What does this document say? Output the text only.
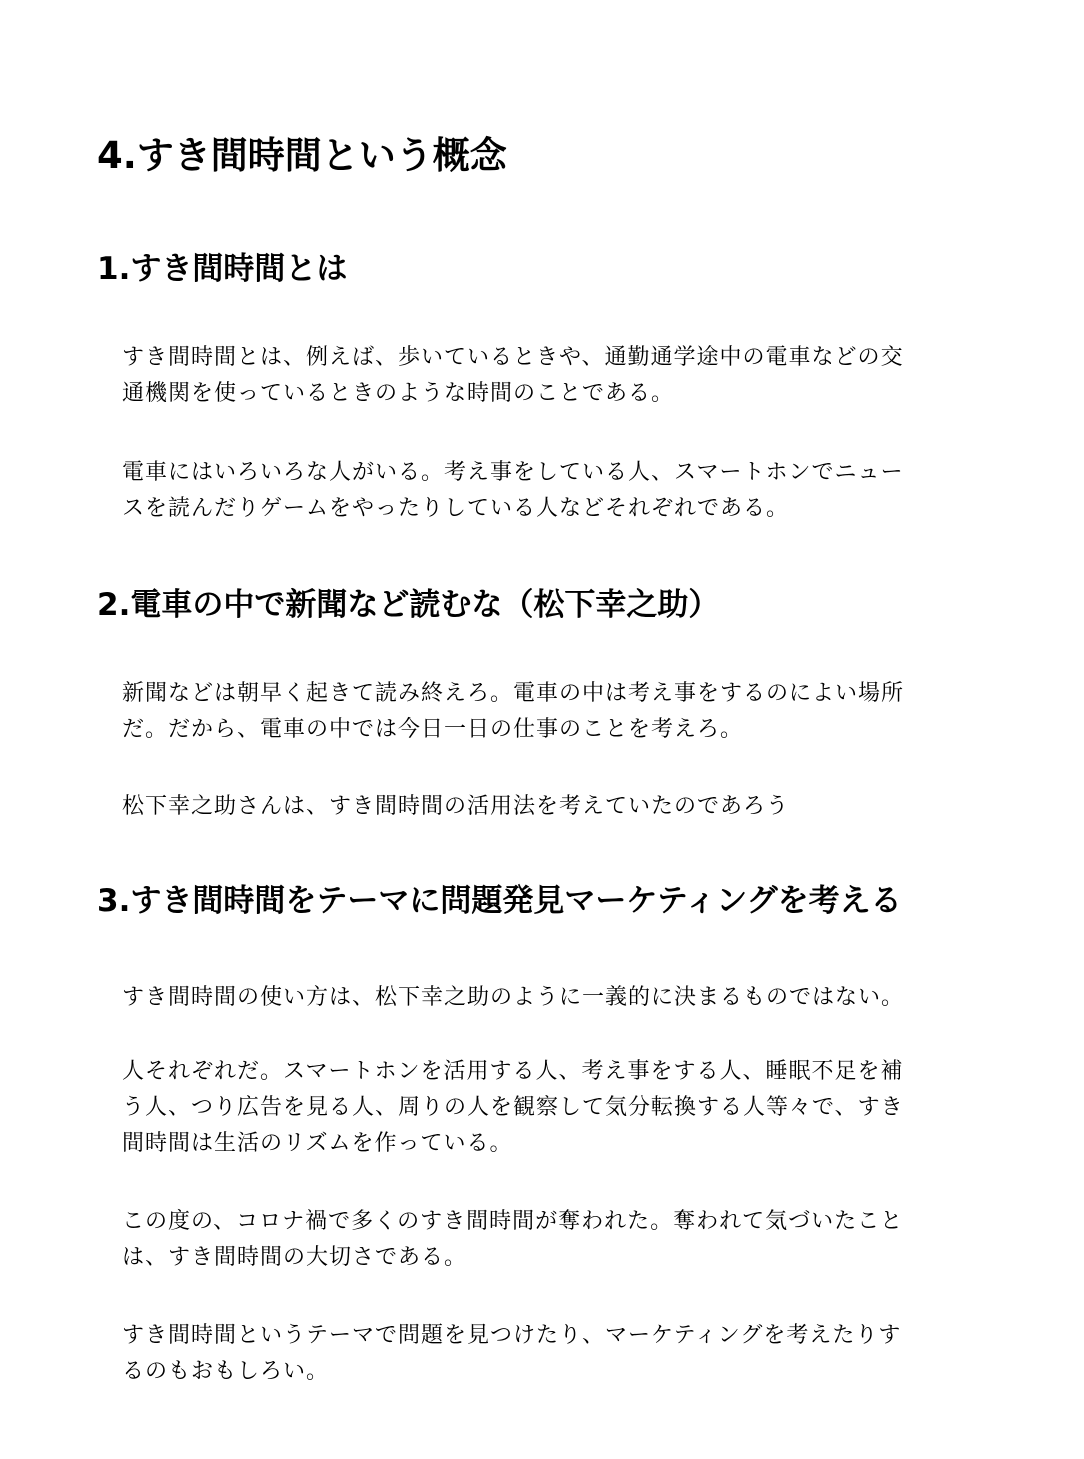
4.すき間時間という概念
1.すき間時間とは

すき間時間とは、例えば、歩いているときや、通勤通学途中の電車などの交
通機関を使っているときのような時間のことである。

電車にはいろいろな人がいる。考え事をしている人、スマートホンでニュー
スを読んだりゲームをやったりしている人などそれぞれである。

2.電車の中で新聞など読むな（松下幸之助）

新聞などは朝早く起きて読み終えろ。電車の中は考え事をするのによい場所
だ。だから、電車の中では今日一日の仕事のことを考えろ。

松下幸之助さんは、すき間時間の活用法を考えていたのであろう

3.すき間時間をテーマに問題発見マーケティングを考える

すき間時間の使い方は、松下幸之助のように一義的に決まるものではない。

人それぞれだ。スマートホンを活用する人、考え事をする人、睡眠不足を補
う人、つり広告を見る人、周りの人を観察して気分転換する人等々で、すき
間時間は生活のリズムを作っている。

この度の、コロナ禍で多くのすき間時間が奪われた。奪われて気づいたこと
は、すき間時間の大切さである。

すき間時間というテーマで問題を見つけたり、マーケティングを考えたりす
るのもおもしろい。
